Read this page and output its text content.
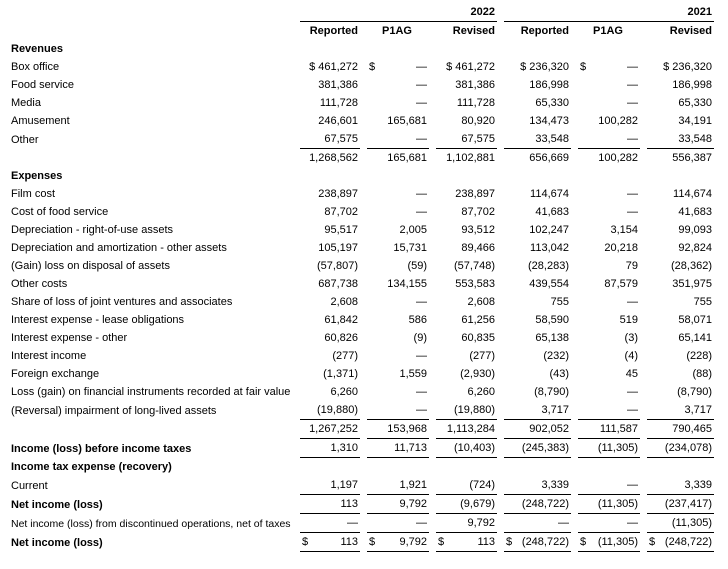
	2022						2021				
	Reported		P1AG		Revised		Reported		P1AG		Revised
Revenues											
Box office	$ 461,272		$ —		$ 461,272		$ 236,320		$ —		$ 236,320
Food service	381,386		—		381,386		186,998		—		186,998
Media	111,728		—		111,728		65,330		—		65,330
Amusement	246,601		165,681		80,920		134,473		100,282		34,191
Other	67,575		—		67,575		33,548		—		33,548
	1,268,562		165,681		1,102,881		656,669		100,282		556,387
Expenses											
Film cost	238,897		—		238,897		114,674		—		114,674
Cost of food service	87,702		—		87,702		41,683		—		41,683
Depreciation - right-of-use assets	95,517		2,005		93,512		102,247		3,154		99,093
Depreciation and amortization - other assets	105,197		15,731		89,466		113,042		20,218		92,824
(Gain) loss on disposal of assets	(57,807)		(59)		(57,748)		(28,283)		79		(28,362)
Other costs	687,738		134,155		553,583		439,554		87,579		351,975
Share of loss of joint ventures and associates	2,608		—		2,608		755		—		755
Interest expense - lease obligations	61,842		586		61,256		58,590		519		58,071
Interest expense - other	60,826		(9)		60,835		65,138		(3)		65,141
Interest income	(277)		—		(277)		(232)		(4)		(228)
Foreign exchange	(1,371)		1,559		(2,930)		(43)		45		(88)
Loss (gain) on financial instruments recorded at fair value	6,260		—		6,260		(8,790)		—		(8,790)
(Reversal) impairment of long-lived assets	(19,880)		—		(19,880)		3,717		—		3,717
	1,267,252		153,968		1,113,284		902,052		111,587		790,465
Income (loss) before income taxes	1,310		11,713		(10,403)		(245,383)		(11,305)		(234,078)
Income tax expense (recovery)											
Current	1,197		1,921		(724)		3,339		—		3,339
Net income (loss)	113		9,792		(9,679)		(248,722)		(11,305)		(237,417)
Net income (loss) from discontinued operations, net of taxes	—		—		9,792		—		—		(11,305)
Net income (loss)	$ 113		$ 9,792		$ 113		$ (248,722)		$ (11,305)		$ (248,722)
